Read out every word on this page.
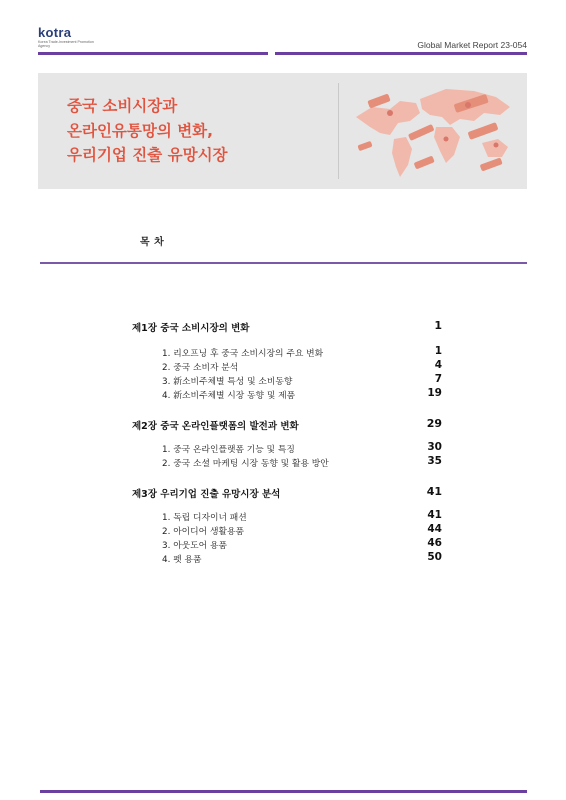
kotra
Korea Trade-Investment Promotion Agency	Global Market Report 23-054
중국 소비시장과
온라인유통망의 변화,
우리기업 진출 유망시장
목 차
제1장 중국 소비시장의 변화	1
1. 리오프닝 후 중국 소비시장의 주요 변화	1
2. 중국 소비자 분석	4
3. 新소비주체별 특성 및 소비동향	7
4. 新소비주체별 시장 동향 및 제품	19
제2장 중국 온라인플랫폼의 발전과 변화	29
1. 중국 온라인플랫폼 기능 및 특징	30
2. 중국 소셜 마케팅 시장 동향 및 활용 방안	35
제3장 우리기업 진출 유망시장 분석	41
1. 독립 디자이너 패션	41
2. 아이디어 생활용품	44
3. 아웃도어 용품	46
4. 펫 용품	50
